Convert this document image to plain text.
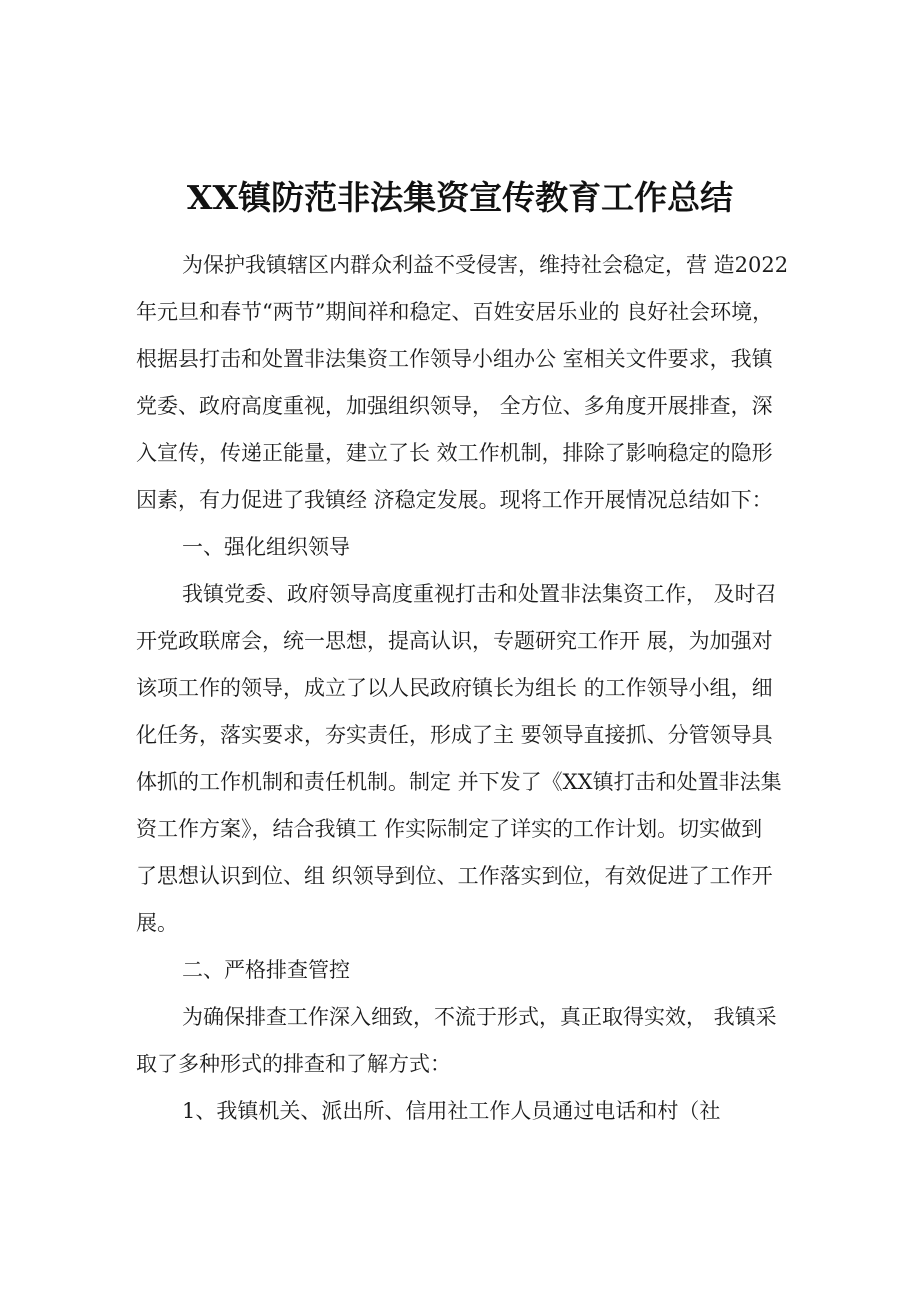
XX镇防范非法集资宣传教育工作总结

为保护我镇辖区内群众利益不受侵害，维持社会稳定，营 造2022

年元旦和春节“两节”期间祥和稳定、百姓安居乐业的 良好社会环境，

根据县打击和处置非法集资工作领导小组办公 室相关文件要求，我镇

党委、政府高度重视，加强组织领导， 全方位、多角度开展排查，深

入宣传，传递正能量，建立了长 效工作机制，排除了影响稳定的隐形

因素，有力促进了我镇经 济稳定发展。现将工作开展情况总结如下：

一、强化组织领导

我镇党委、政府领导高度重视打击和处置非法集资工作， 及时召

开党政联席会，统一思想，提高认识，专题研究工作开 展，为加强对

该项工作的领导，成立了以人民政府镇长为组长 的工作领导小组，细

化任务，落实要求，夯实责任，形成了主 要领导直接抓、分管领导具

体抓的工作机制和责任机制。制定 并下发了《XX镇打击和处置非法集

资工作方案》，结合我镇工 作实际制定了详实的工作计划。切实做到

了思想认识到位、组 织领导到位、工作落实到位，有效促进了工作开

展。

二、严格排查管控

为确保排查工作深入细致，不流于形式，真正取得实效， 我镇采

取了多种形式的排查和了解方式：

1、我镇机关、派出所、信用社工作人员通过电话和村（社
